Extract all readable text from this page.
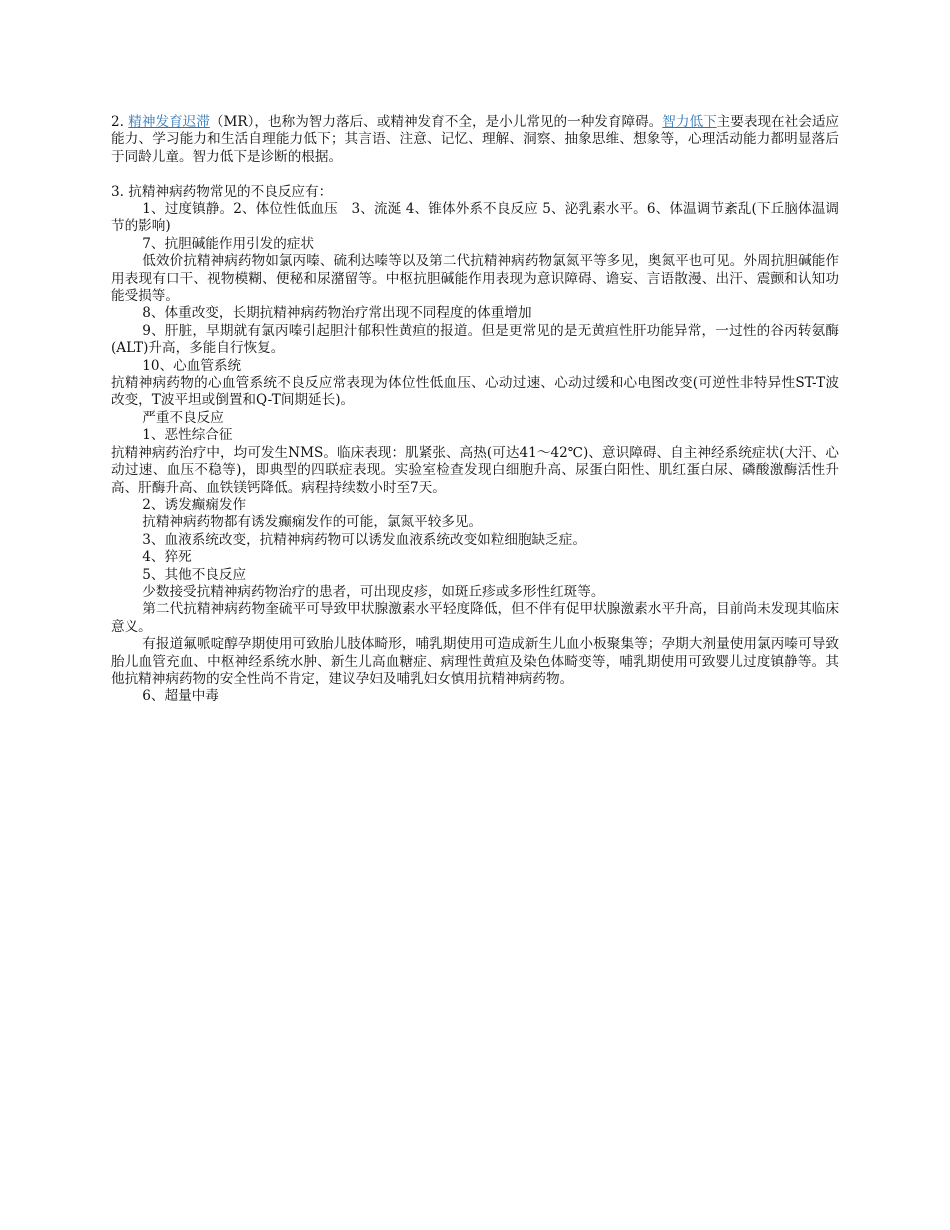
2. 精神发育迟滞（MR），也称为智力落后、或精神发育不全，是小儿常见的一种发育障碍。智力低下主要表现在社会适应能力、学习能力和生活自理能力低下；其言语、注意、记忆、理解、洞察、抽象思维、想象等，心理活动能力都明显落后于同龄儿童。智力低下是诊断的根据。

3. 抗精神病药物常见的不良反应有：

1、过度镇静。2、体位性低血压　3、流涎 4、锥体外系不良反应 5、泌乳素水平。6、体温调节紊乱(下丘脑体温调节的影响)

7、抗胆碱能作用引发的症状

低效价抗精神病药物如氯丙嗪、硫利达嗪等以及第二代抗精神病药物氯氮平等多见，奥氮平也可见。外周抗胆碱能作用表现有口干、视物模糊、便秘和尿潴留等。中枢抗胆碱能作用表现为意识障碍、谵妄、言语散漫、出汗、震颤和认知功能受损等。

8、体重改变，长期抗精神病药物治疗常出现不同程度的体重增加

9、肝脏，早期就有氯丙嗪引起胆汁郁积性黄疸的报道。但是更常见的是无黄疸性肝功能异常，一过性的谷丙转氨酶(ALT)升高，多能自行恢复。

10、心血管系统

抗精神病药物的心血管系统不良反应常表现为体位性低血压、心动过速、心动过缓和心电图改变(可逆性非特异性ST-T波改变，T波平坦或倒置和Q-T间期延长)。

严重不良反应

1、恶性综合征

抗精神病药治疗中，均可发生NMS。临床表现：肌紧张、高热(可达41～42℃)、意识障碍、自主神经系统症状(大汗、心动过速、血压不稳等)，即典型的四联症表现。实验室检查发现白细胞升高、尿蛋白阳性、肌红蛋白尿、磷酸激酶活性升高、肝酶升高、血铁镁钙降低。病程持续数小时至7天。

2、诱发癫痫发作

抗精神病药物都有诱发癫痫发作的可能，氯氮平较多见。

3、血液系统改变，抗精神病药物可以诱发血液系统改变如粒细胞缺乏症。

4、猝死

5、其他不良反应

少数接受抗精神病药物治疗的患者，可出现皮疹，如斑丘疹或多形性红斑等。

第二代抗精神病药物奎硫平可导致甲状腺激素水平轻度降低，但不伴有促甲状腺激素水平升高，目前尚未发现其临床意义。

有报道氟哌啶醇孕期使用可致胎儿肢体畸形，哺乳期使用可造成新生儿血小板聚集等；孕期大剂量使用氯丙嗪可导致胎儿血管充血、中枢神经系统水肿、新生儿高血糖症、病理性黄疸及染色体畸变等，哺乳期使用可致婴儿过度镇静等。其他抗精神病药物的安全性尚不肯定，建议孕妇及哺乳妇女慎用抗精神病药物。

6、超量中毒
